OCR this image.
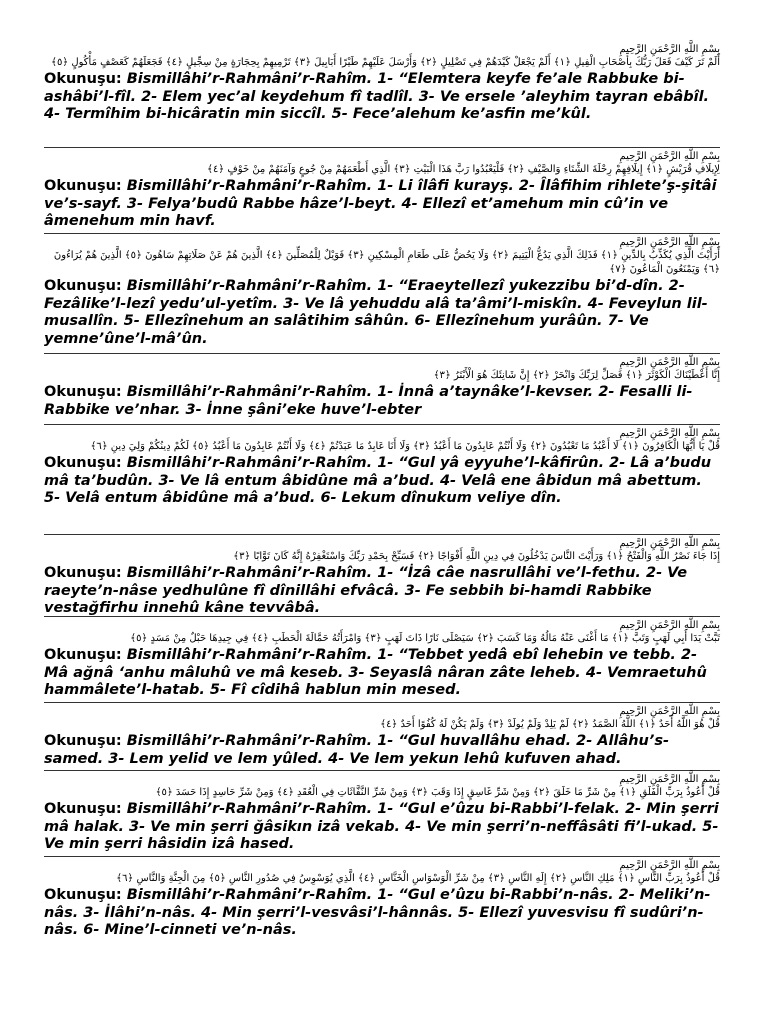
بِسْمِ اللَّهِ الرَّحْمَنِ الرَّحِيمِ
أَلَمْ تَرَ كَيْفَ فَعَلَ رَبُّكَ بِأَصْحَابِ الْفِيلِ ﴿١﴾ أَلَمْ يَجْعَلْ كَيْدَهُمْ فِي تَضْلِيلٍ ﴿٢﴾ وَأَرْسَلَ عَلَيْهِمْ طَيْرًا أَبَابِيلَ ﴿٣﴾ تَرْمِيهِمْ بِحِجَارَةٍ مِنْ سِجِّيلٍ ﴿٤﴾ فَجَعَلَهُمْ كَعَصْفٍ مَأْكُولٍ ﴿٥﴾
Okunuşu: Bismillâhi’r-Rahmâni’r-Rahîm. 1- “Elemtera keyfe fe’ale Rabbuke bi-ashâbi’l-fîl. 2- Elem yec’al keydehum fî tadlîl. 3- Ve ersele ’aleyhim tayran ebâbîl. 4- Termîhim bi-hicâratin min siccîl. 5- Fece’alehum ke’asfin me’kûl.
بِسْمِ اللَّهِ الرَّحْمَنِ الرَّحِيمِ
لِإِيلَافِ قُرَيْشٍ ﴿١﴾ إِيلَافِهِمْ رِحْلَةَ الشِّتَاءِ وَالصَّيْفِ ﴿٢﴾ فَلْيَعْبُدُوا رَبَّ هَذَا الْبَيْتِ ﴿٣﴾ الَّذِي أَطْعَمَهُمْ مِنْ جُوعٍ وَآمَنَهُمْ مِنْ خَوْفٍ ﴿٤﴾
Okunuşu: Bismillâhi’r-Rahmâni’r-Rahîm. 1- Li îlâfi kurayş. 2- Îlâfihim rihlete’ş-şitâi ve’s-sayf. 3- Felya’budû Rabbe hâze’l-beyt. 4- Ellezî et’amehum min cû’in ve âmenehum min havf.
بِسْمِ اللَّهِ الرَّحْمَنِ الرَّحِيمِ
أَرَأَيْتَ الَّذِي يُكَذِّبُ بِالدِّينِ ﴿١﴾ فَذَلِكَ الَّذِي يَدُعُّ الْيَتِيمَ ﴿٢﴾ وَلَا يَحُضُّ عَلَى طَعَامِ الْمِسْكِينِ ﴿٣﴾ فَوَيْلٌ لِلْمُصَلِّينَ ﴿٤﴾ الَّذِينَ هُمْ عَنْ صَلَاتِهِمْ سَاهُونَ ﴿٥﴾ الَّذِينَ هُمْ يُرَاءُونَ ﴿٦﴾ وَيَمْنَعُونَ الْمَاعُونَ ﴿٧﴾
Okunuşu: Bismillâhi’r-Rahmâni’r-Rahîm. 1- “Eraeytellezî yukezzibu bi’d-dîn. 2- Fezâlike’l-lezî yedu’ul-yetîm. 3- Ve lâ yehuddu alâ ta’âmi’l-miskîn. 4- Feveylun lil-musallîn. 5- Ellezînehum an salâtihim sâhûn. 6- Ellezînehum yurâûn. 7- Ve yemne’ûne’l-mâ’ûn.
بِسْمِ اللَّهِ الرَّحْمَنِ الرَّحِيمِ
إِنَّا أَعْطَيْنَاكَ الْكَوْثَرَ ﴿١﴾ فَصَلِّ لِرَبِّكَ وَانْحَرْ ﴿٢﴾ إِنَّ شَانِئَكَ هُوَ الْأَبْتَرُ ﴿٣﴾
Okunuşu: Bismillâhi’r-Rahmâni’r-Rahîm. 1- İnnâ a’taynâke’l-kevser. 2- Fesalli li-Rabbike ve’nhar. 3- İnne şâni’eke huve’l-ebter
بِسْمِ اللَّهِ الرَّحْمَنِ الرَّحِيمِ
قُلْ يَا أَيُّهَا الْكَافِرُونَ ﴿١﴾ لَا أَعْبُدُ مَا تَعْبُدُونَ ﴿٢﴾ وَلَا أَنْتُمْ عَابِدُونَ مَا أَعْبُدُ ﴿٣﴾ وَلَا أَنَا عَابِدٌ مَا عَبَدْتُمْ ﴿٤﴾ وَلَا أَنْتُمْ عَابِدُونَ مَا أَعْبُدُ ﴿٥﴾ لَكُمْ دِينُكُمْ وَلِيَ دِينِ ﴿٦﴾
Okunuşu: Bismillâhi’r-Rahmâni’r-Rahîm. 1- “Gul yâ eyyuhe’l-kâfirûn. 2- Lâ a’budu mâ ta’budûn. 3- Ve lâ entum âbidûne mâ a’bud. 4- Velâ ene âbidun mâ abettum. 5- Velâ entum âbidûne mâ a’bud. 6- Lekum dînukum veliye dîn.
بِسْمِ اللَّهِ الرَّحْمَنِ الرَّحِيمِ
إِذَا جَاءَ نَصْرُ اللَّهِ وَالْفَتْحُ ﴿١﴾ وَرَأَيْتَ النَّاسَ يَدْخُلُونَ فِي دِينِ اللَّهِ أَفْوَاجًا ﴿٢﴾ فَسَبِّحْ بِحَمْدِ رَبِّكَ وَاسْتَغْفِرْهُ إِنَّهُ كَانَ تَوَّابًا ﴿٣﴾
Okunuşu: Bismillâhi’r-Rahmâni’r-Rahîm. 1- “İzâ câe nasrullâhi ve’l-fethu. 2- Ve raeyte’n-nâse yedhulûne fî dînillâhi efvâcâ. 3- Fe sebbih bi-hamdi Rabbike vestağfirhu innehû kâne tevvâbâ.
بِسْمِ اللَّهِ الرَّحْمَنِ الرَّحِيمِ
تَبَّتْ يَدَا أَبِي لَهَبٍ وَتَبَّ ﴿١﴾ مَا أَغْنَى عَنْهُ مَالُهُ وَمَا كَسَبَ ﴿٢﴾ سَيَصْلَى نَارًا ذَاتَ لَهَبٍ ﴿٣﴾ وَامْرَأَتُهُ حَمَّالَةَ الْحَطَبِ ﴿٤﴾ فِي جِيدِهَا حَبْلٌ مِنْ مَسَدٍ ﴿٥﴾
Okunuşu: Bismillâhi’r-Rahmâni’r-Rahîm. 1- “Tebbet yedâ ebî lehebin ve tebb. 2- Mâ ağnâ ‘anhu mâluhû ve mâ keseb. 3- Seyaslâ nâran zâte leheb. 4- Vemraetuhû hammâlete’l-hatab. 5- Fî cîdihâ hablun min mesed.
بِسْمِ اللَّهِ الرَّحْمَنِ الرَّحِيمِ
قُلْ هُوَ اللَّهُ أَحَدٌ ﴿١﴾ اللَّهُ الصَّمَدُ ﴿٢﴾ لَمْ يَلِدْ وَلَمْ يُولَدْ ﴿٣﴾ وَلَمْ يَكُنْ لَهُ كُفُوًا أَحَدٌ ﴿٤﴾
Okunuşu: Bismillâhi’r-Rahmâni’r-Rahîm. 1- “Gul huvallâhu ehad. 2- Allâhu’s-samed. 3- Lem yelid ve lem yûled. 4- Ve lem yekun lehû kufuven ahad.
بِسْمِ اللَّهِ الرَّحْمَنِ الرَّحِيمِ
قُلْ أَعُوذُ بِرَبِّ الْفَلَقِ ﴿١﴾ مِنْ شَرِّ مَا خَلَقَ ﴿٢﴾ وَمِنْ شَرِّ غَاسِقٍ إِذَا وَقَبَ ﴿٣﴾ وَمِنْ شَرِّ النَّفَّاثَاتِ فِي الْعُقَدِ ﴿٤﴾ وَمِنْ شَرِّ حَاسِدٍ إِذَا حَسَدَ ﴿٥﴾
Okunuşu: Bismillâhi’r-Rahmâni’r-Rahîm. 1- “Gul e’ûzu bi-Rabbi’l-felak. 2- Min şerri mâ halak. 3- Ve min şerri ğâsikın izâ vekab. 4- Ve min şerri’n-neffâsâti fi’l-ukad. 5- Ve min şerri hâsidin izâ hased.
بِسْمِ اللَّهِ الرَّحْمَنِ الرَّحِيمِ
قُلْ أَعُوذُ بِرَبِّ النَّاسِ ﴿١﴾ مَلِكِ النَّاسِ ﴿٢﴾ إِلَهِ النَّاسِ ﴿٣﴾ مِنْ شَرِّ الْوَسْوَاسِ الْخَنَّاسِ ﴿٤﴾ الَّذِي يُوَسْوِسُ فِي صُدُورِ النَّاسِ ﴿٥﴾ مِنَ الْجِنَّةِ وَالنَّاسِ ﴿٦﴾
Okunuşu: Bismillâhi’r-Rahmâni’r-Rahîm. 1- “Gul e’ûzu bi-Rabbi’n-nâs. 2- Meliki’n-nâs. 3- İlâhi’n-nâs. 4- Min şerri’l-vesvâsi’l-hânnâs. 5- Ellezî yuvesvisu fî sudûri’n-nâs. 6- Mine’l-cinneti ve’n-nâs.
